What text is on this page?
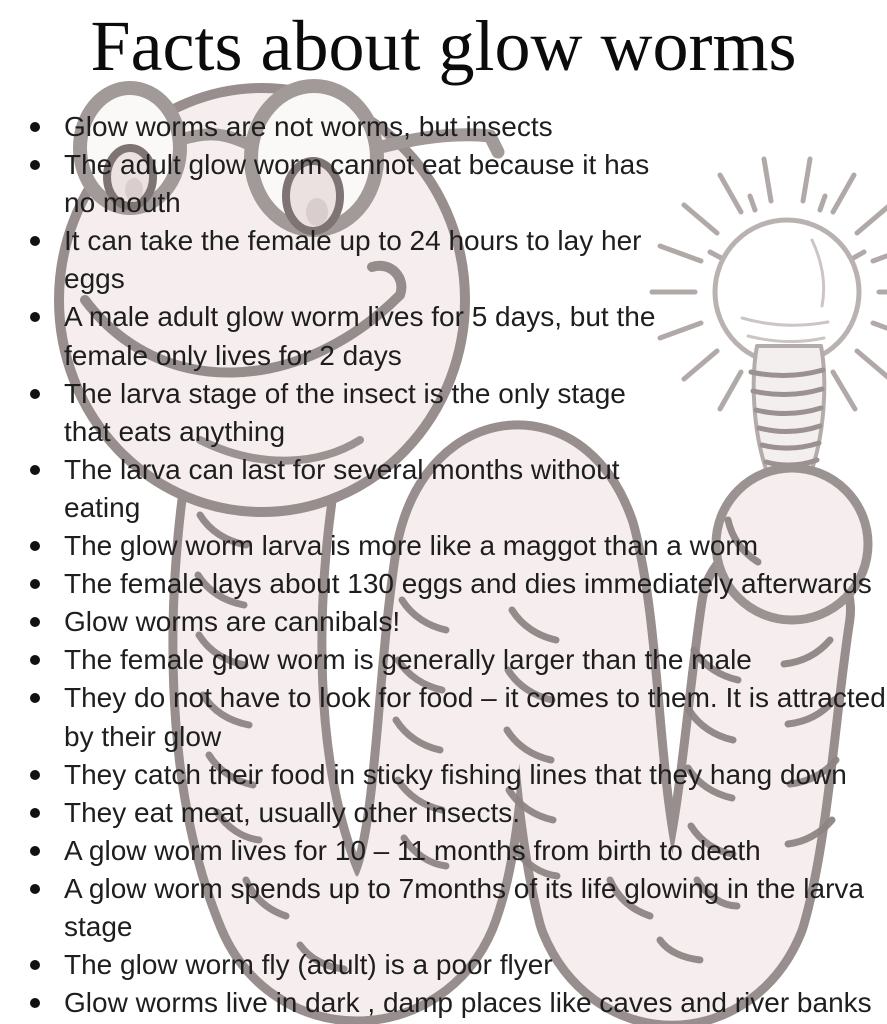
Facts about glow worms
Glow worms are not worms, but insects
The adult glow worm cannot eat because it has
no mouth
It can take the female up to 24 hours to lay her
eggs
A male adult glow worm lives for 5 days, but the
female only lives for 2 days
The larva stage of the insect is the only stage
that eats anything
The larva can last for several months without
eating
The glow worm larva is more like a maggot than a worm
The female lays about 130 eggs and dies immediately afterwards
Glow worms are cannibals!
The female glow worm is generally larger than the male
They do not have to look for food – it comes to them. It is attracted
by their glow
They catch their food in sticky fishing lines that they hang down
They eat meat, usually other insects.
A glow worm lives for 10 – 11 months from birth to death
A glow worm spends up to 7months of its life glowing in the larva
stage
The glow worm fly (adult) is a poor flyer
Glow worms live in dark , damp places like caves and river banks
